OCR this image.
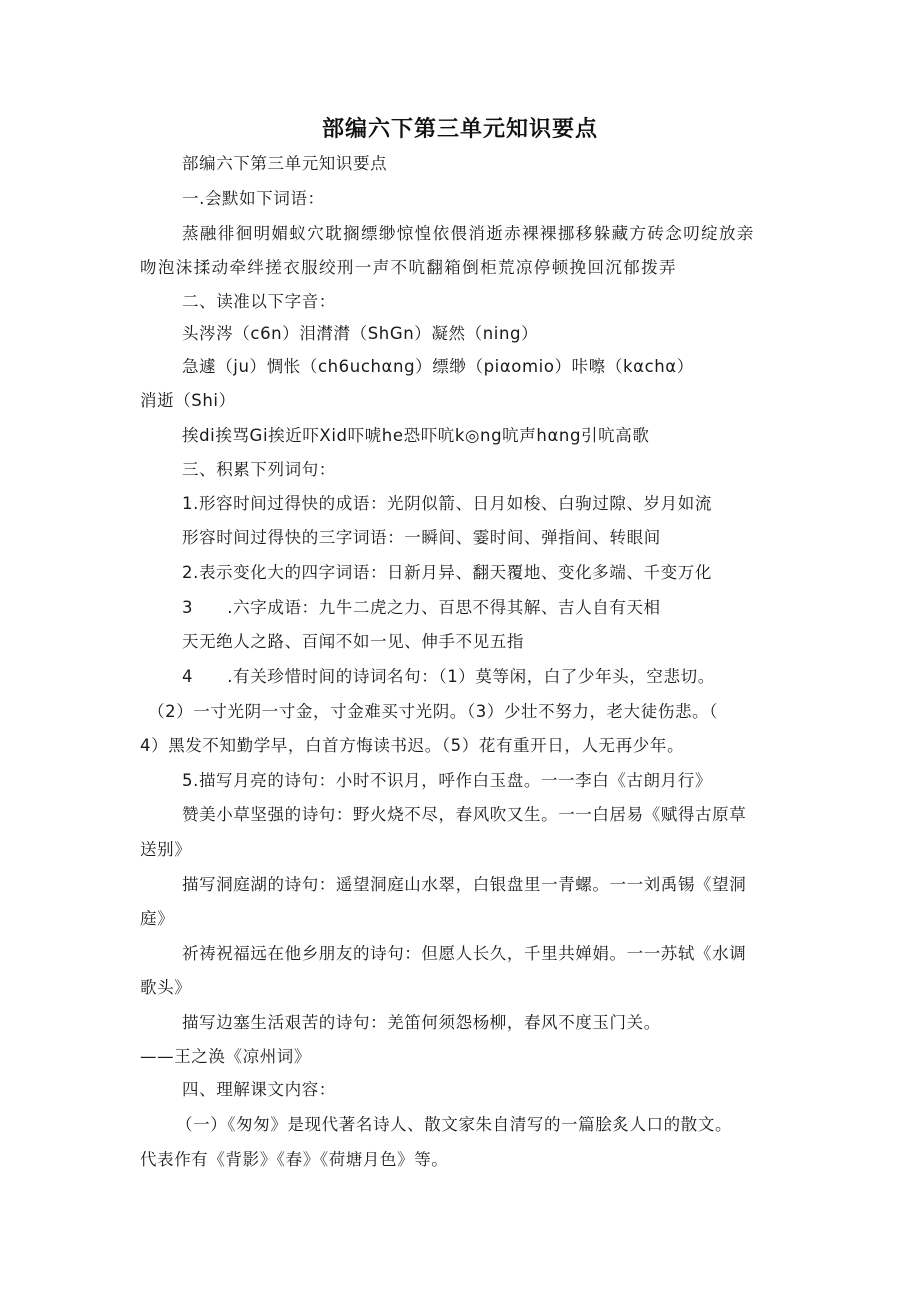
部编六下第三单元知识要点
部编六下第三单元知识要点
一.会默如下词语：
蒸融徘徊明媚蚁穴耽搁缥缈惊惶依偎消逝赤裸裸挪移躲藏方砖念叨绽放亲
吻泡沫揉动牵绊搓衣服绞刑一声不吭翻箱倒柜荒凉停顿挽回沉郁拨弄
二、读准以下字音：
头涔涔（c6n）泪潸潸（ShGn）凝然（ning）
急遽（ju）惆怅（ch6uchαng）缥缈（piαomio）咔嚓（kαchα）
消逝（Shi）
挨di挨骂Gi挨近吓Xid吓唬he恐吓吭k◎ng吭声hαng引吭高歌
三、积累下列词句：
1.形容时间过得快的成语：光阴似箭、日月如梭、白驹过隙、岁月如流
形容时间过得快的三字词语：一瞬间、霎时间、弹指间、转眼间
2.表示变化大的四字词语：日新月异、翻天覆地、变化多端、千变万化
3　　.六字成语：九牛二虎之力、百思不得其解、吉人自有天相
天无绝人之路、百闻不如一见、伸手不见五指
4　　.有关珍惜时间的诗词名句：（1）莫等闲，白了少年头，空悲切。
（2）一寸光阴一寸金，寸金难买寸光阴。（3）少壮不努力，老大徒伤悲。（
4）黑发不知勤学早，白首方悔读书迟。（5）花有重开日，人无再少年。
5.描写月亮的诗句：小时不识月，呼作白玉盘。一一李白《古朗月行》
赞美小草坚强的诗句：野火烧不尽，春风吹又生。一一白居易《赋得古原草
送别》
描写洞庭湖的诗句：遥望洞庭山水翠，白银盘里一青螺。一一刘禹锡《望洞
庭》
祈祷祝福远在他乡朋友的诗句：但愿人长久，千里共婵娟。一一苏轼《水调
歌头》
描写边塞生活艰苦的诗句：羌笛何须怨杨柳，春风不度玉门关。
——王之涣《凉州词》
四、理解课文内容：
（一）《匆匆》是现代著名诗人、散文家朱自清写的一篇脍炙人口的散文。
代表作有《背影》《春》《荷塘月色》等。
